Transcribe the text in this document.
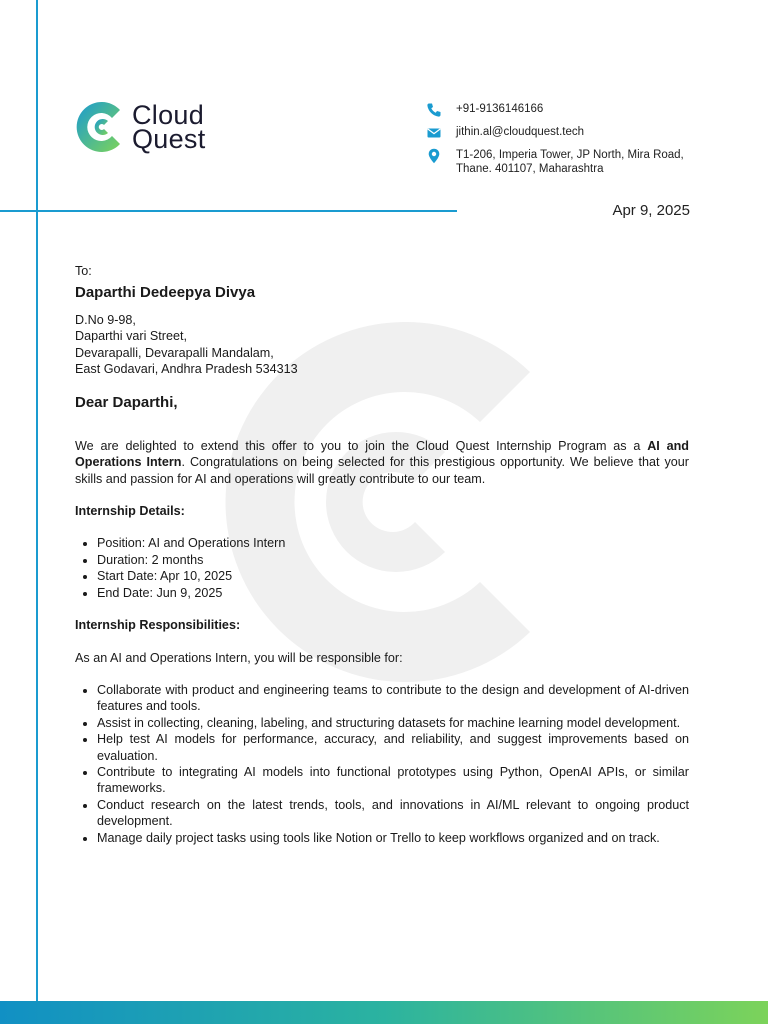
Cloud
Quest
+91-9136146166
jithin.al@cloudquest.tech
T1-206, Imperia Tower, JP North, Mira Road, Thane. 401107, Maharashtra
Apr 9, 2025

To:

Daparthi Dedeepya Divya

D.No 9-98,

Daparthi vari Street,

Devarapalli, Devarapalli Mandalam,

East Godavari, Andhra Pradesh 534313

Dear Daparthi,

We are delighted to extend this offer to you to join the Cloud Quest Internship Program as a AI and Operations Intern. Congratulations on being selected for this prestigious opportunity. We believe that your skills and passion for AI and operations will greatly contribute to our team.

Internship Details:

• Position: AI and Operations Intern
• Duration: 2 months
• Start Date: Apr 10, 2025
• End Date: Jun 9, 2025

Internship Responsibilities:

As an AI and Operations Intern, you will be responsible for:

• Collaborate with product and engineering teams to contribute to the design and development of AI-driven features and tools.
• Assist in collecting, cleaning, labeling, and structuring datasets for machine learning model development.
• Help test AI models for performance, accuracy, and reliability, and suggest improvements based on evaluation.
• Contribute to integrating AI models into functional prototypes using Python, OpenAI APIs, or similar frameworks.
• Conduct research on the latest trends, tools, and innovations in AI/ML relevant to ongoing product development.
• Manage daily project tasks using tools like Notion or Trello to keep workflows organized and on track.
